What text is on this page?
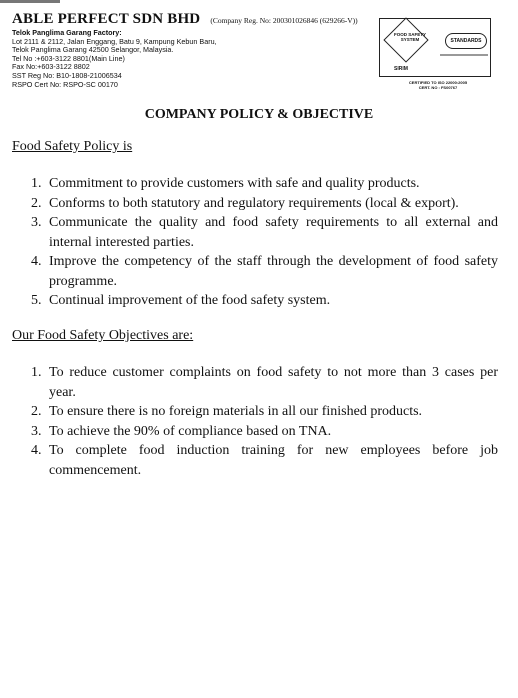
ABLE PERFECT SDN BHD (Company Reg. No: 200301026846 (629266-V))
Telok Panglima Garang Factory:
Lot 2111 & 2112, Jalan Enggang, Batu 9, Kampung Kebun Baru,
Telok Panglima Garang 42500 Selangor, Malaysia.
Tel No :+603-3122 8801(Main Line)
Fax No:+603-3122 8802
SST Reg No: B10-1808-21006534
RSPO Cert No: RSPO-SC 00170
FOOD SAFETY SYSTEM
SIRIM
STANDARDS
CERTIFIED TO ISO 22000:2005
CERT. NO : FS00767
COMPANY POLICY & OBJECTIVE
Food Safety Policy is
1. Commitment to provide customers with safe and quality products.
2. Conforms to both statutory and regulatory requirements (local & export).
3. Communicate the quality and food safety requirements to all external and internal interested parties.
4. Improve the competency of the staff through the development of food safety programme.
5. Continual improvement of the food safety system.
Our Food Safety Objectives are:
1. To reduce customer complaints on food safety to not more than 3 cases per year.
2. To ensure there is no foreign materials in all our finished products.
3. To achieve the 90% of compliance based on TNA.
4. To complete food induction training for new employees before job commencement.
